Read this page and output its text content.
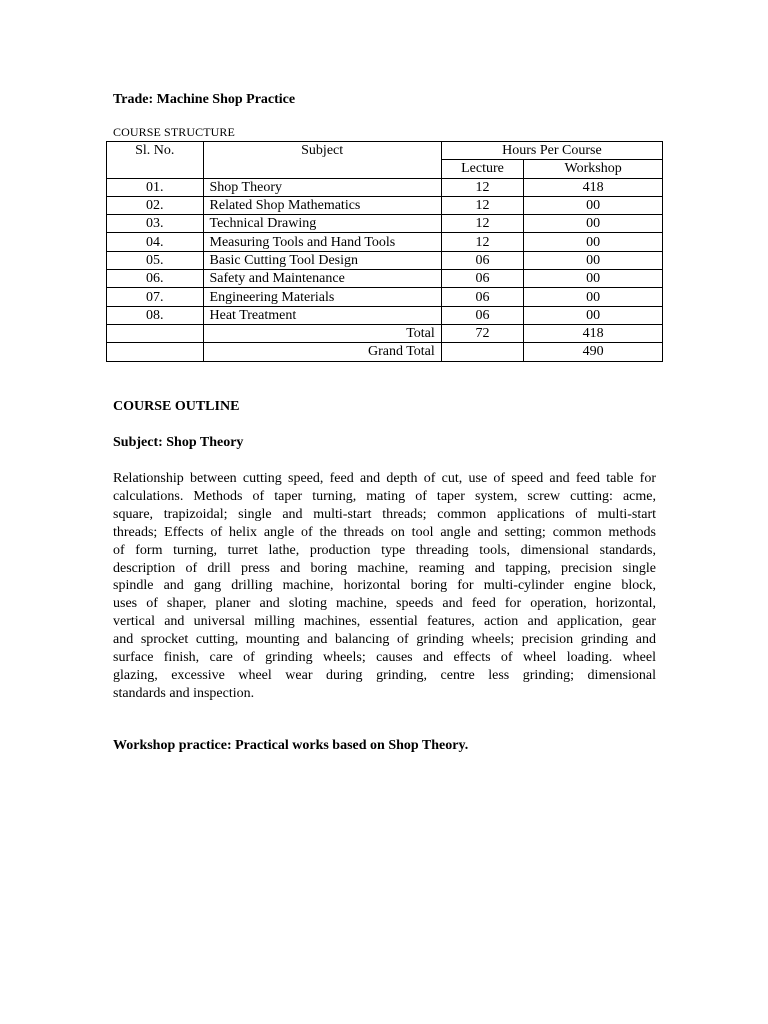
Trade: Machine Shop Practice
COURSE STRUCTURE
Sl. No.	Subject	Hours Per Course	
		Lecture	Workshop
01.	Shop Theory	12	418
02.	Related Shop Mathematics	12	00
03.	Technical Drawing	12	00
04.	Measuring Tools and Hand Tools	12	00
05.	Basic Cutting Tool Design	06	00
06.	Safety and Maintenance	06	00
07.	Engineering Materials	06	00
08.	Heat Treatment	06	00
	Total	72	418
	Grand Total		490
COURSE OUTLINE
Subject: Shop Theory
Relationship between cutting speed, feed and depth of cut, use of speed and feed table for
calculations. Methods of taper turning, mating of taper system, screw cutting: acme,
square, trapizoidal; single and multi-start threads; common applications of multi-start
threads; Effects of helix angle of the threads on tool angle and setting; common methods
of form turning, turret lathe, production type threading tools, dimensional standards,
description of drill press and boring machine, reaming and tapping, precision single
spindle and gang drilling machine, horizontal boring for multi-cylinder engine block,
uses of shaper, planer and sloting machine, speeds and feed for operation, horizontal,
vertical and universal milling machines, essential features, action and application, gear
and sprocket cutting, mounting and balancing of grinding wheels; precision grinding and
surface finish, care of grinding wheels; causes and effects of wheel loading. wheel
glazing, excessive wheel wear during grinding, centre less grinding; dimensional
standards and inspection.
Workshop practice: Practical works based on Shop Theory.
